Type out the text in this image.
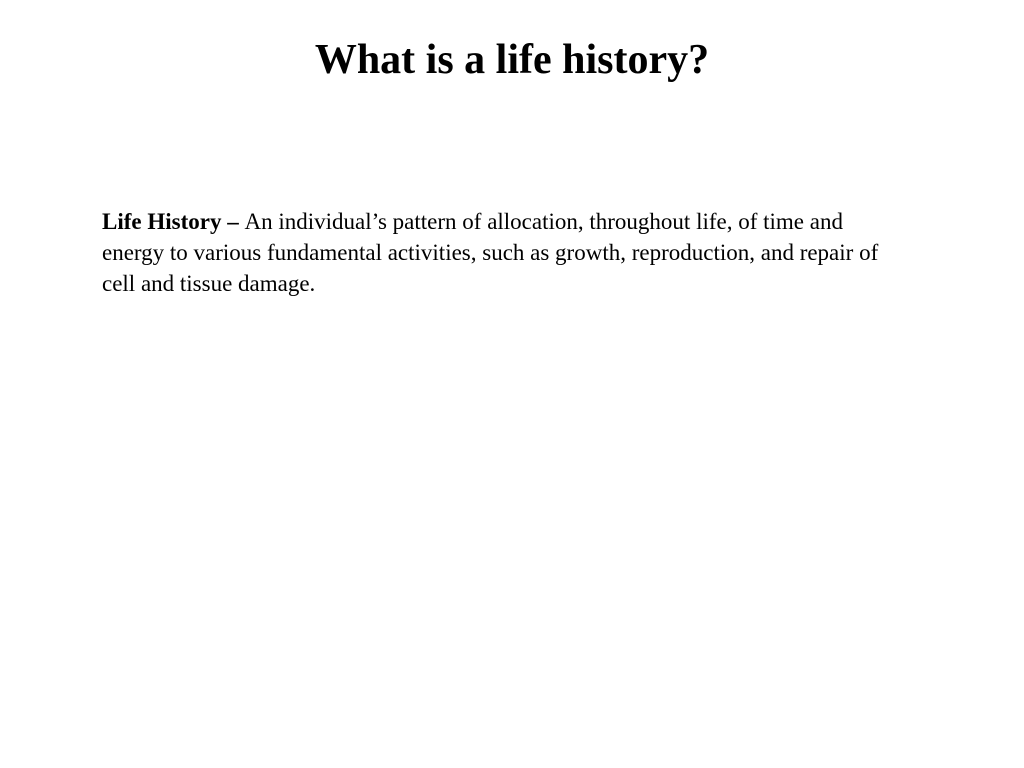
What is a life history?

Life History – An individual’s pattern of allocation, throughout life, of time and energy to various fundamental activities, such as growth, reproduction, and repair of cell and tissue damage.
